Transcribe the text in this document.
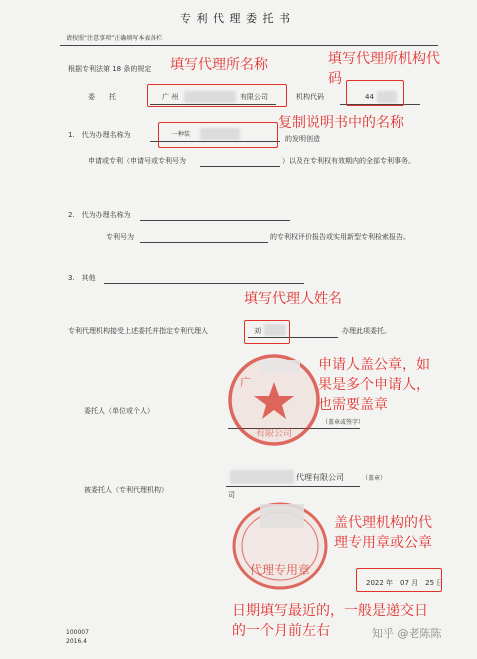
专 利 代 理 委 托 书
请按照“注意事项”正确填写本表各栏
根据专利法第 18 条的规定
委　　托	广 州	有限公司	机构代码	44
1.　代为办理名称为	一种装
的发明创造
申请或专利（申请号或专利号为	）以及在专利权有效期内的全部专利事务。
2.　代为办理名称为
专利号为	的专利权评价报告或实用新型专利检索报告。
3.　其他
专利代理机构接受上述委托并指定专利代理人	刘	办理此项委托。
委托人（单位或个人）
（盖章或签字）
被委托人（专利代理机构）
代理有限公司	（盖章）
司
广
有限公司
代理专用章
2022 年　07 月　25 日
100007
2016.4
填写代理所名称	填写代理所机构代
码
复制说明书中的名称
填写代理人姓名
申请人盖公章，如
果是多个申请人，
也需要盖章
盖代理机构的代
理专用章或公章
日期填写最近的，一般是递交日
的一个月前左右	知乎 @老陈陈
